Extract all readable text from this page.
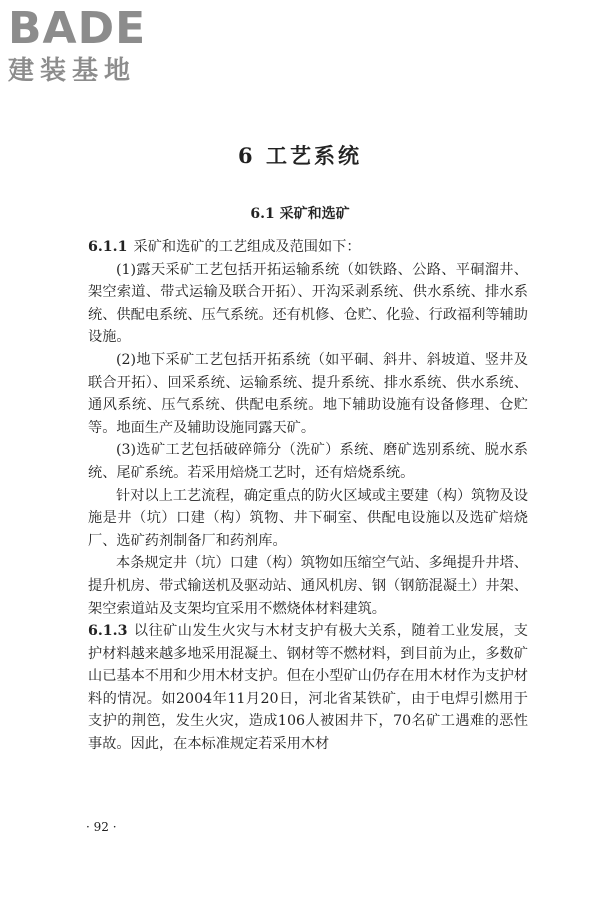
BADE
建装基地
6 工艺系统
6.1 采矿和选矿

6.1.1 采矿和选矿的工艺组成及范围如下：

(1)露天采矿工艺包括开拓运输系统（如铁路、公路、平硐溜井、架空索道、带式运输及联合开拓）、开沟采剥系统、供水系统、排水系统、供配电系统、压气系统。还有机修、仓贮、化验、行政福利等辅助设施。

(2)地下采矿工艺包括开拓系统（如平硐、斜井、斜坡道、竖井及联合开拓）、回采系统、运输系统、提升系统、排水系统、供水系统、通风系统、压气系统、供配电系统。地下辅助设施有设备修理、仓贮等。地面生产及辅助设施同露天矿。

(3)选矿工艺包括破碎筛分（洗矿）系统、磨矿选别系统、脱水系统、尾矿系统。若采用焙烧工艺时，还有焙烧系统。

针对以上工艺流程，确定重点的防火区域或主要建（构）筑物及设施是井（坑）口建（构）筑物、井下硐室、供配电设施以及选矿焙烧厂、选矿药剂制备厂和药剂库。

本条规定井（坑）口建（构）筑物如压缩空气站、多绳提升井塔、提升机房、带式输送机及驱动站、通风机房、钢（钢筋混凝土）井架、架空索道站及支架均宜采用不燃烧体材料建筑。

6.1.3 以往矿山发生火灾与木材支护有极大关系，随着工业发展，支护材料越来越多地采用混凝土、钢材等不燃材料，到目前为止，多数矿山已基本不用和少用木材支护。但在小型矿山仍存在用木材作为支护材料的情况。如2004年11月20日，河北省某铁矿，由于电焊引燃用于支护的荆笆，发生火灾，造成106人被困井下，70名矿工遇难的恶性事故。因此，在本标准规定若采用木材

· 92 ·
